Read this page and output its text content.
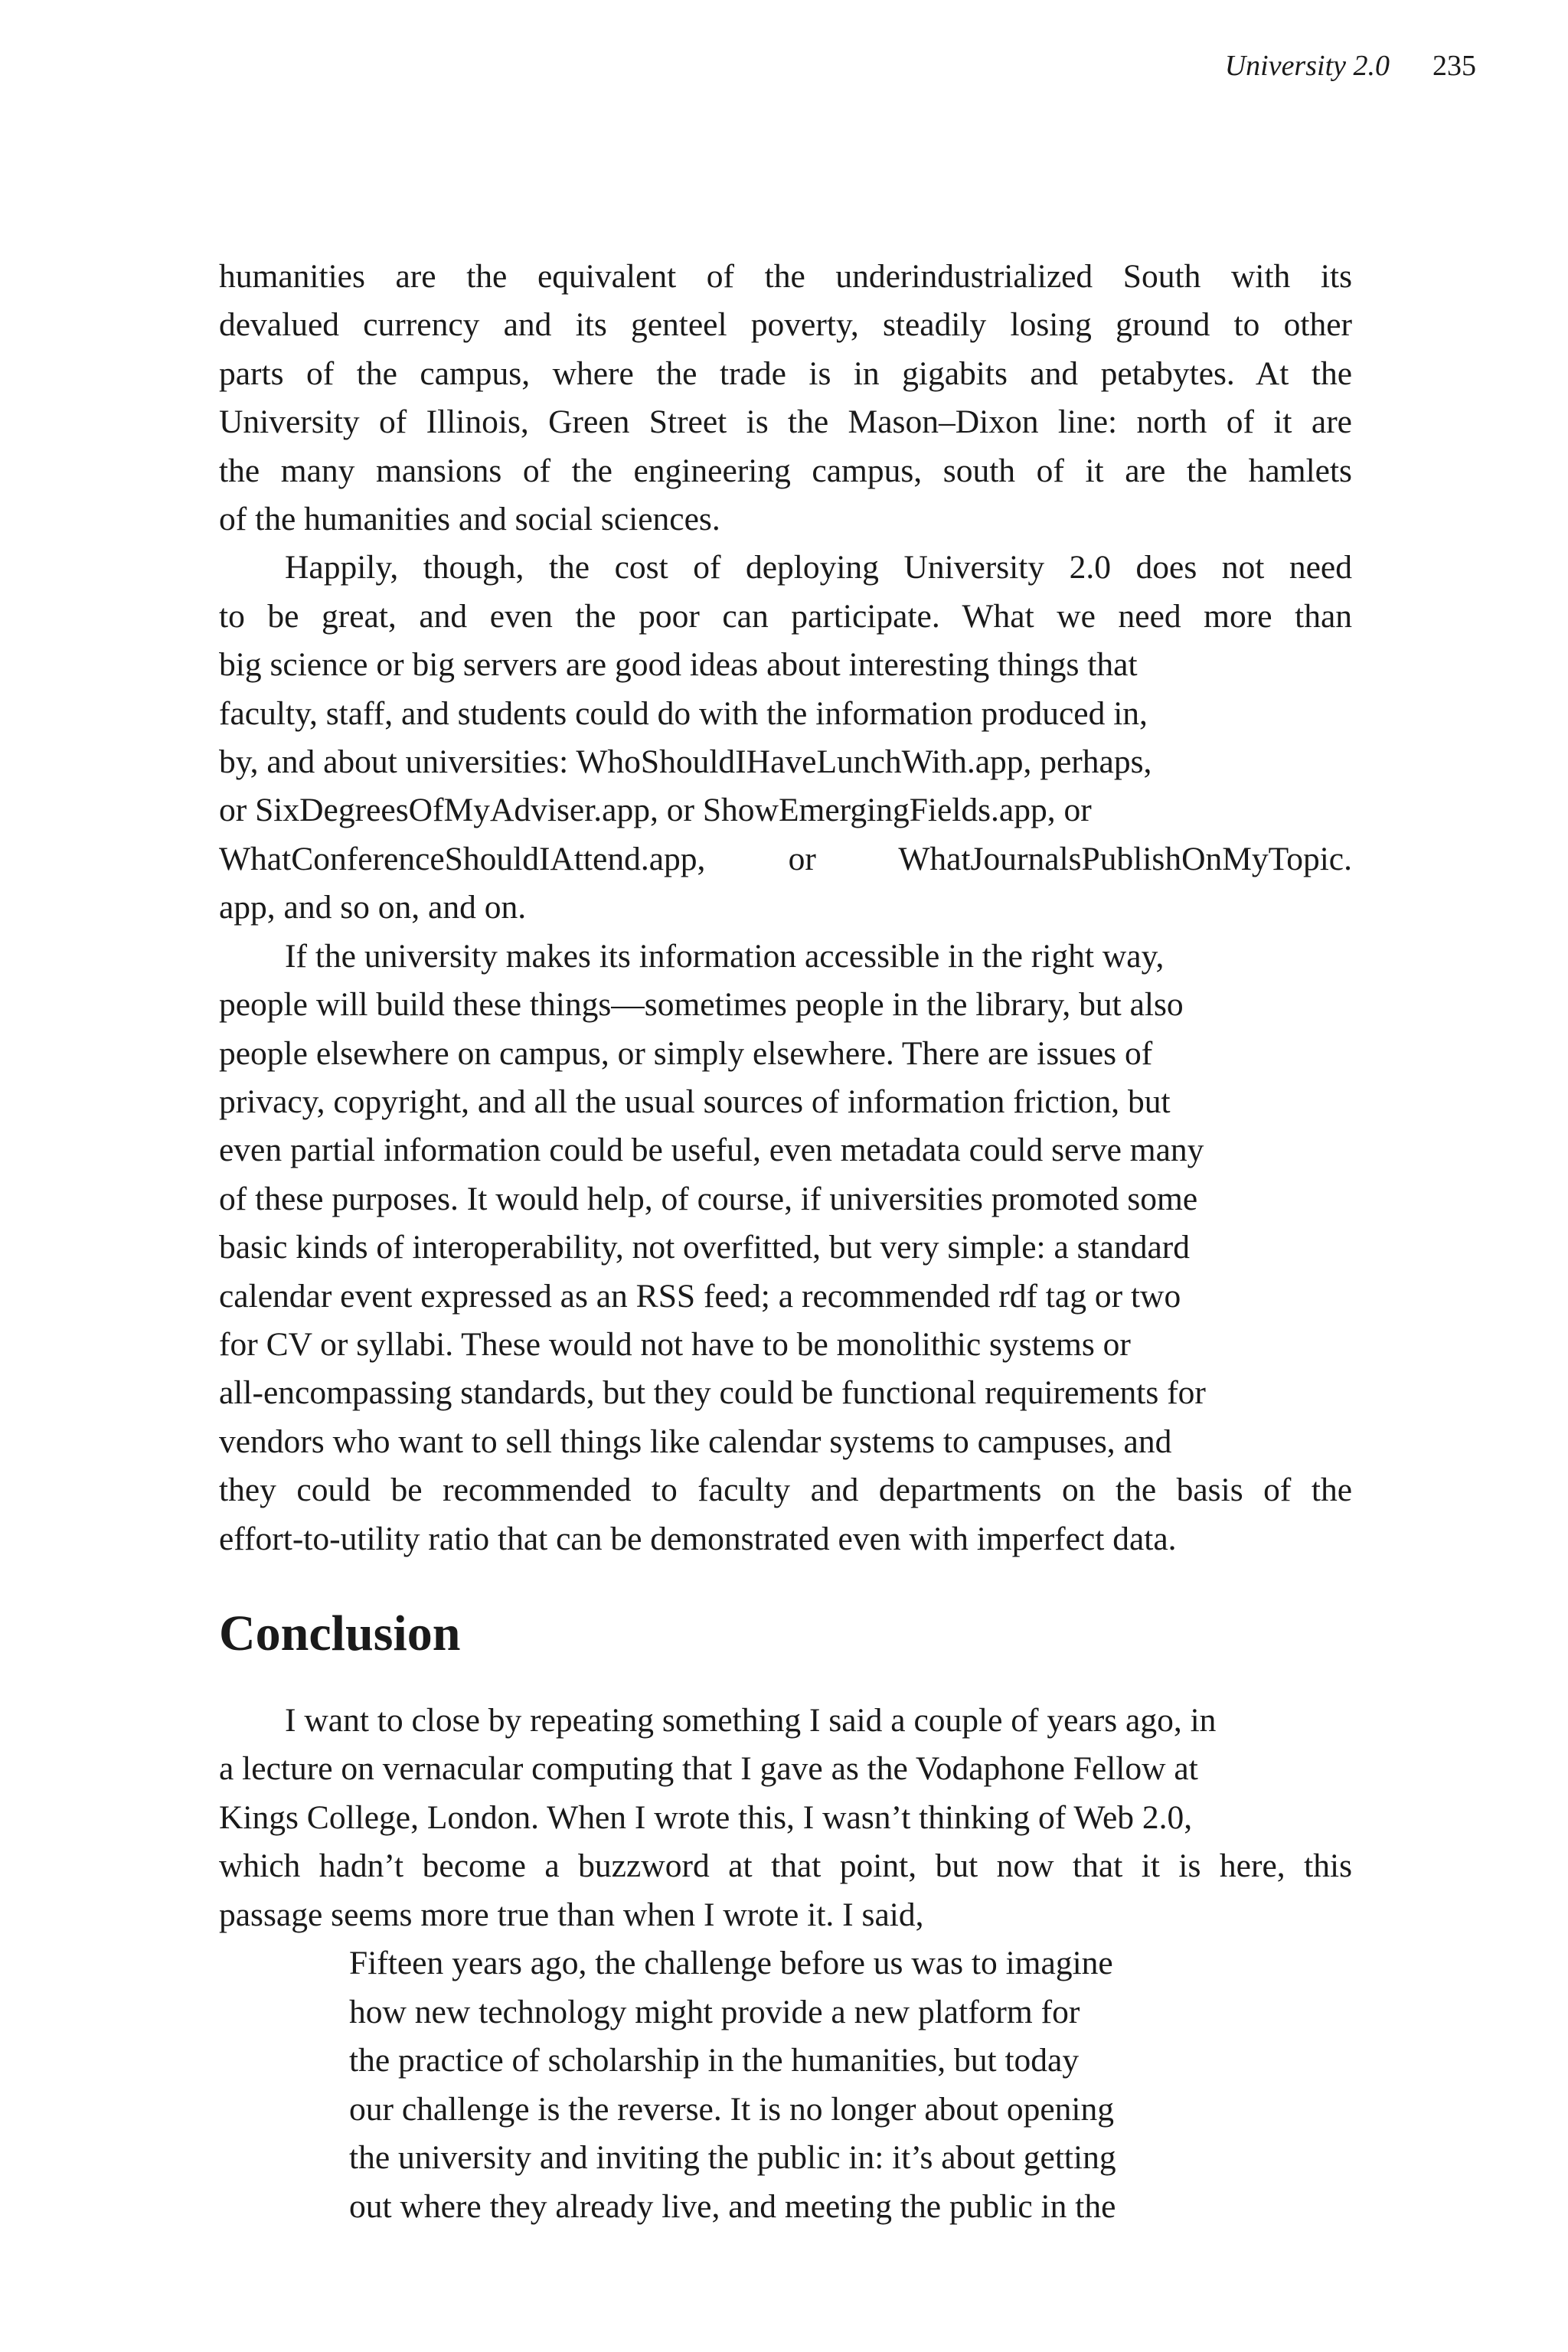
University 2.0 235
humanities are the equivalent of the underindustrialized South with its
devalued currency and its genteel poverty, steadily losing ground to other
parts of the campus, where the trade is in gigabits and petabytes. At the
University of Illinois, Green Street is the Mason–Dixon line: north of it are
the many mansions of the engineering campus, south of it are the hamlets
of the humanities and social sciences.
Happily, though, the cost of deploying University 2.0 does not need
to be great, and even the poor can participate. What we need more than
big science or big servers are good ideas about interesting things that
faculty, staff, and students could do with the information produced in,
by, and about universities: WhoShouldIHaveLunchWith.app, perhaps,
or SixDegreesOfMyAdviser.app, or ShowEmergingFields.app, or
WhatConferenceShouldIAttend.app, or WhatJournalsPublishOnMyTopic.
app, and so on, and on.
If the university makes its information accessible in the right way,
people will build these things—sometimes people in the library, but also
people elsewhere on campus, or simply elsewhere. There are issues of
privacy, copyright, and all the usual sources of information friction, but
even partial information could be useful, even metadata could serve many
of these purposes. It would help, of course, if universities promoted some
basic kinds of interoperability, not overfitted, but very simple: a standard
calendar event expressed as an RSS feed; a recommended rdf tag or two
for CV or syllabi. These would not have to be monolithic systems or
all-encompassing standards, but they could be functional requirements for
vendors who want to sell things like calendar systems to campuses, and
they could be recommended to faculty and departments on the basis of the
effort-to-utility ratio that can be demonstrated even with imperfect data.
Conclusion
I want to close by repeating something I said a couple of years ago, in
a lecture on vernacular computing that I gave as the Vodaphone Fellow at
Kings College, London. When I wrote this, I wasn’t thinking of Web 2.0,
which hadn’t become a buzzword at that point, but now that it is here, this
passage seems more true than when I wrote it. I said,
Fifteen years ago, the challenge before us was to imagine
how new technology might provide a new platform for
the practice of scholarship in the humanities, but today
our challenge is the reverse. It is no longer about opening
the university and inviting the public in: it’s about getting
out where they already live, and meeting the public in the
